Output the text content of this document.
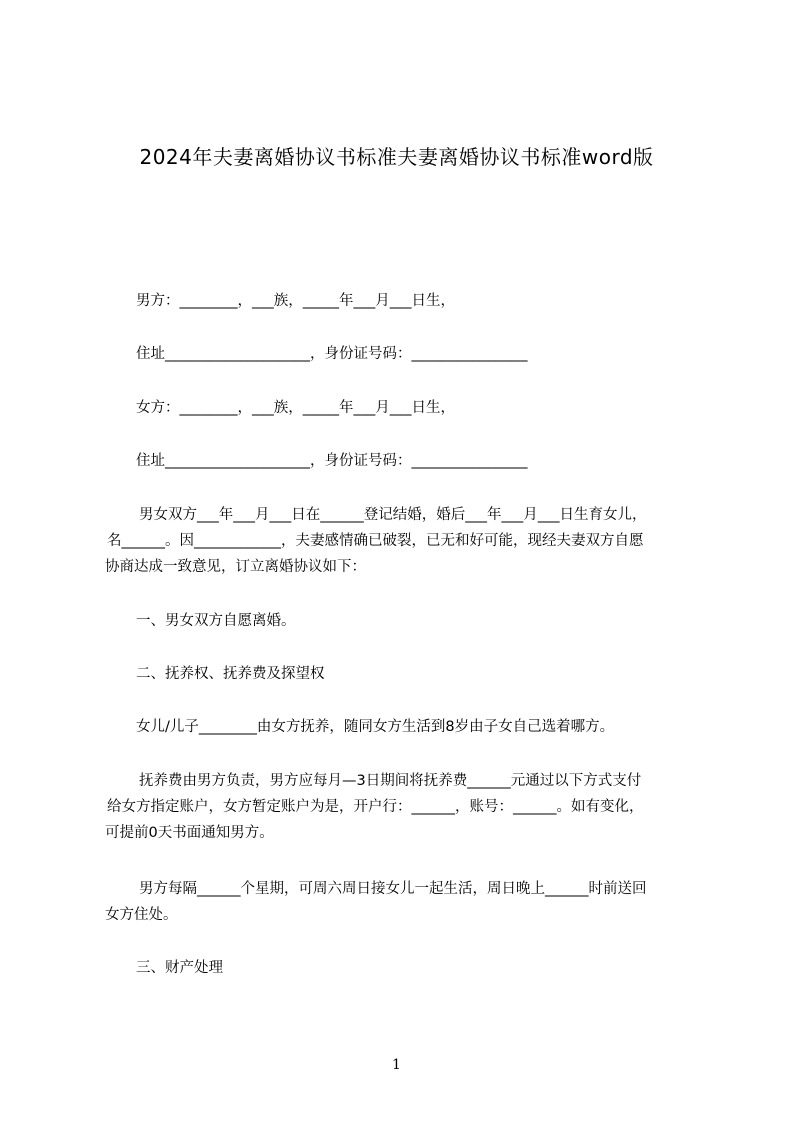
2024年夫妻离婚协议书标准夫妻离婚协议书标准word版
男方：________，___族，_____年___月___日生，
住址____________________，身份证号码：________________
女方：________，___族，_____年___月___日生，
住址____________________，身份证号码：________________
男女双方___年___月___日在______登记结婚，婚后___年___月___日生育女儿，
名______。因____________，夫妻感情确已破裂，已无和好可能，现经夫妻双方自愿
协商达成一致意见，订立离婚协议如下：
一、男女双方自愿离婚。
二、抚养权、抚养费及探望权
女儿/儿子________由女方抚养，随同女方生活到8岁由子女自己选着哪方。
抚养费由男方负责，男方应每月—3日期间将抚养费______元通过以下方式支付
给女方指定账户，女方暂定账户为是，开户行：______，账号：______。如有变化，
可提前0天书面通知男方。
男方每隔______个星期，可周六周日接女儿一起生活，周日晚上______时前送回
女方住处。
三、财产处理
1
